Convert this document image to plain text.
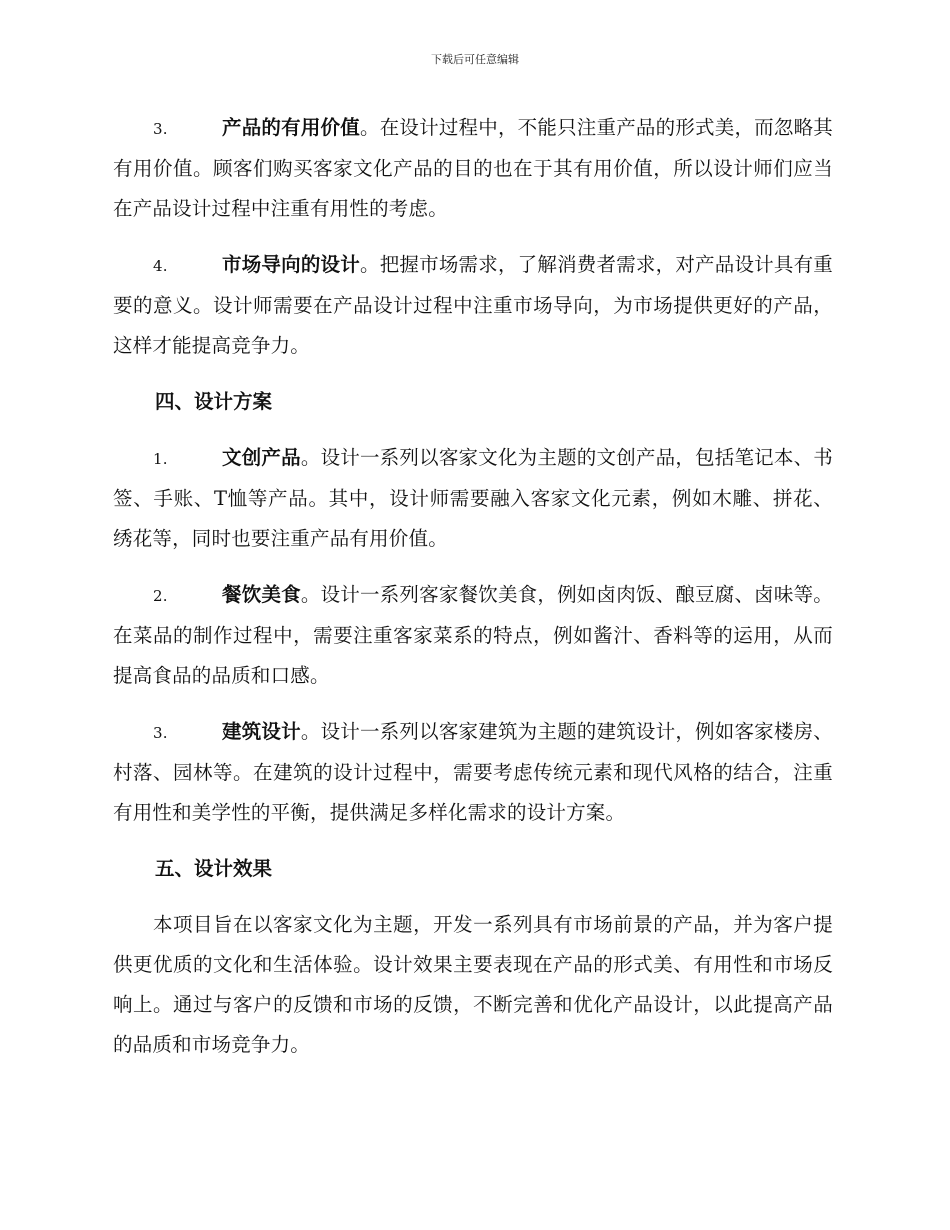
下载后可任意编辑

3.	产品的有用价值。在设计过程中，不能只注重产品的形式美，而忽略其有用价值。顾客们购买客家文化产品的目的也在于其有用价值，所以设计师们应当在产品设计过程中注重有用性的考虑。

4.	市场导向的设计。把握市场需求，了解消费者需求，对产品设计具有重要的意义。设计师需要在产品设计过程中注重市场导向，为市场提供更好的产品，这样才能提高竞争力。

四、设计方案

1.	文创产品。设计一系列以客家文化为主题的文创产品，包括笔记本、书签、手账、T恤等产品。其中，设计师需要融入客家文化元素，例如木雕、拼花、绣花等，同时也要注重产品有用价值。

2.	餐饮美食。设计一系列客家餐饮美食，例如卤肉饭、酿豆腐、卤味等。在菜品的制作过程中，需要注重客家菜系的特点，例如酱汁、香料等的运用，从而提高食品的品质和口感。

3.	建筑设计。设计一系列以客家建筑为主题的建筑设计，例如客家楼房、村落、园林等。在建筑的设计过程中，需要考虑传统元素和现代风格的结合，注重有用性和美学性的平衡，提供满足多样化需求的设计方案。

五、设计效果

本项目旨在以客家文化为主题，开发一系列具有市场前景的产品，并为客户提供更优质的文化和生活体验。设计效果主要表现在产品的形式美、有用性和市场反响上。通过与客户的反馈和市场的反馈，不断完善和优化产品设计，以此提高产品的品质和市场竞争力。
